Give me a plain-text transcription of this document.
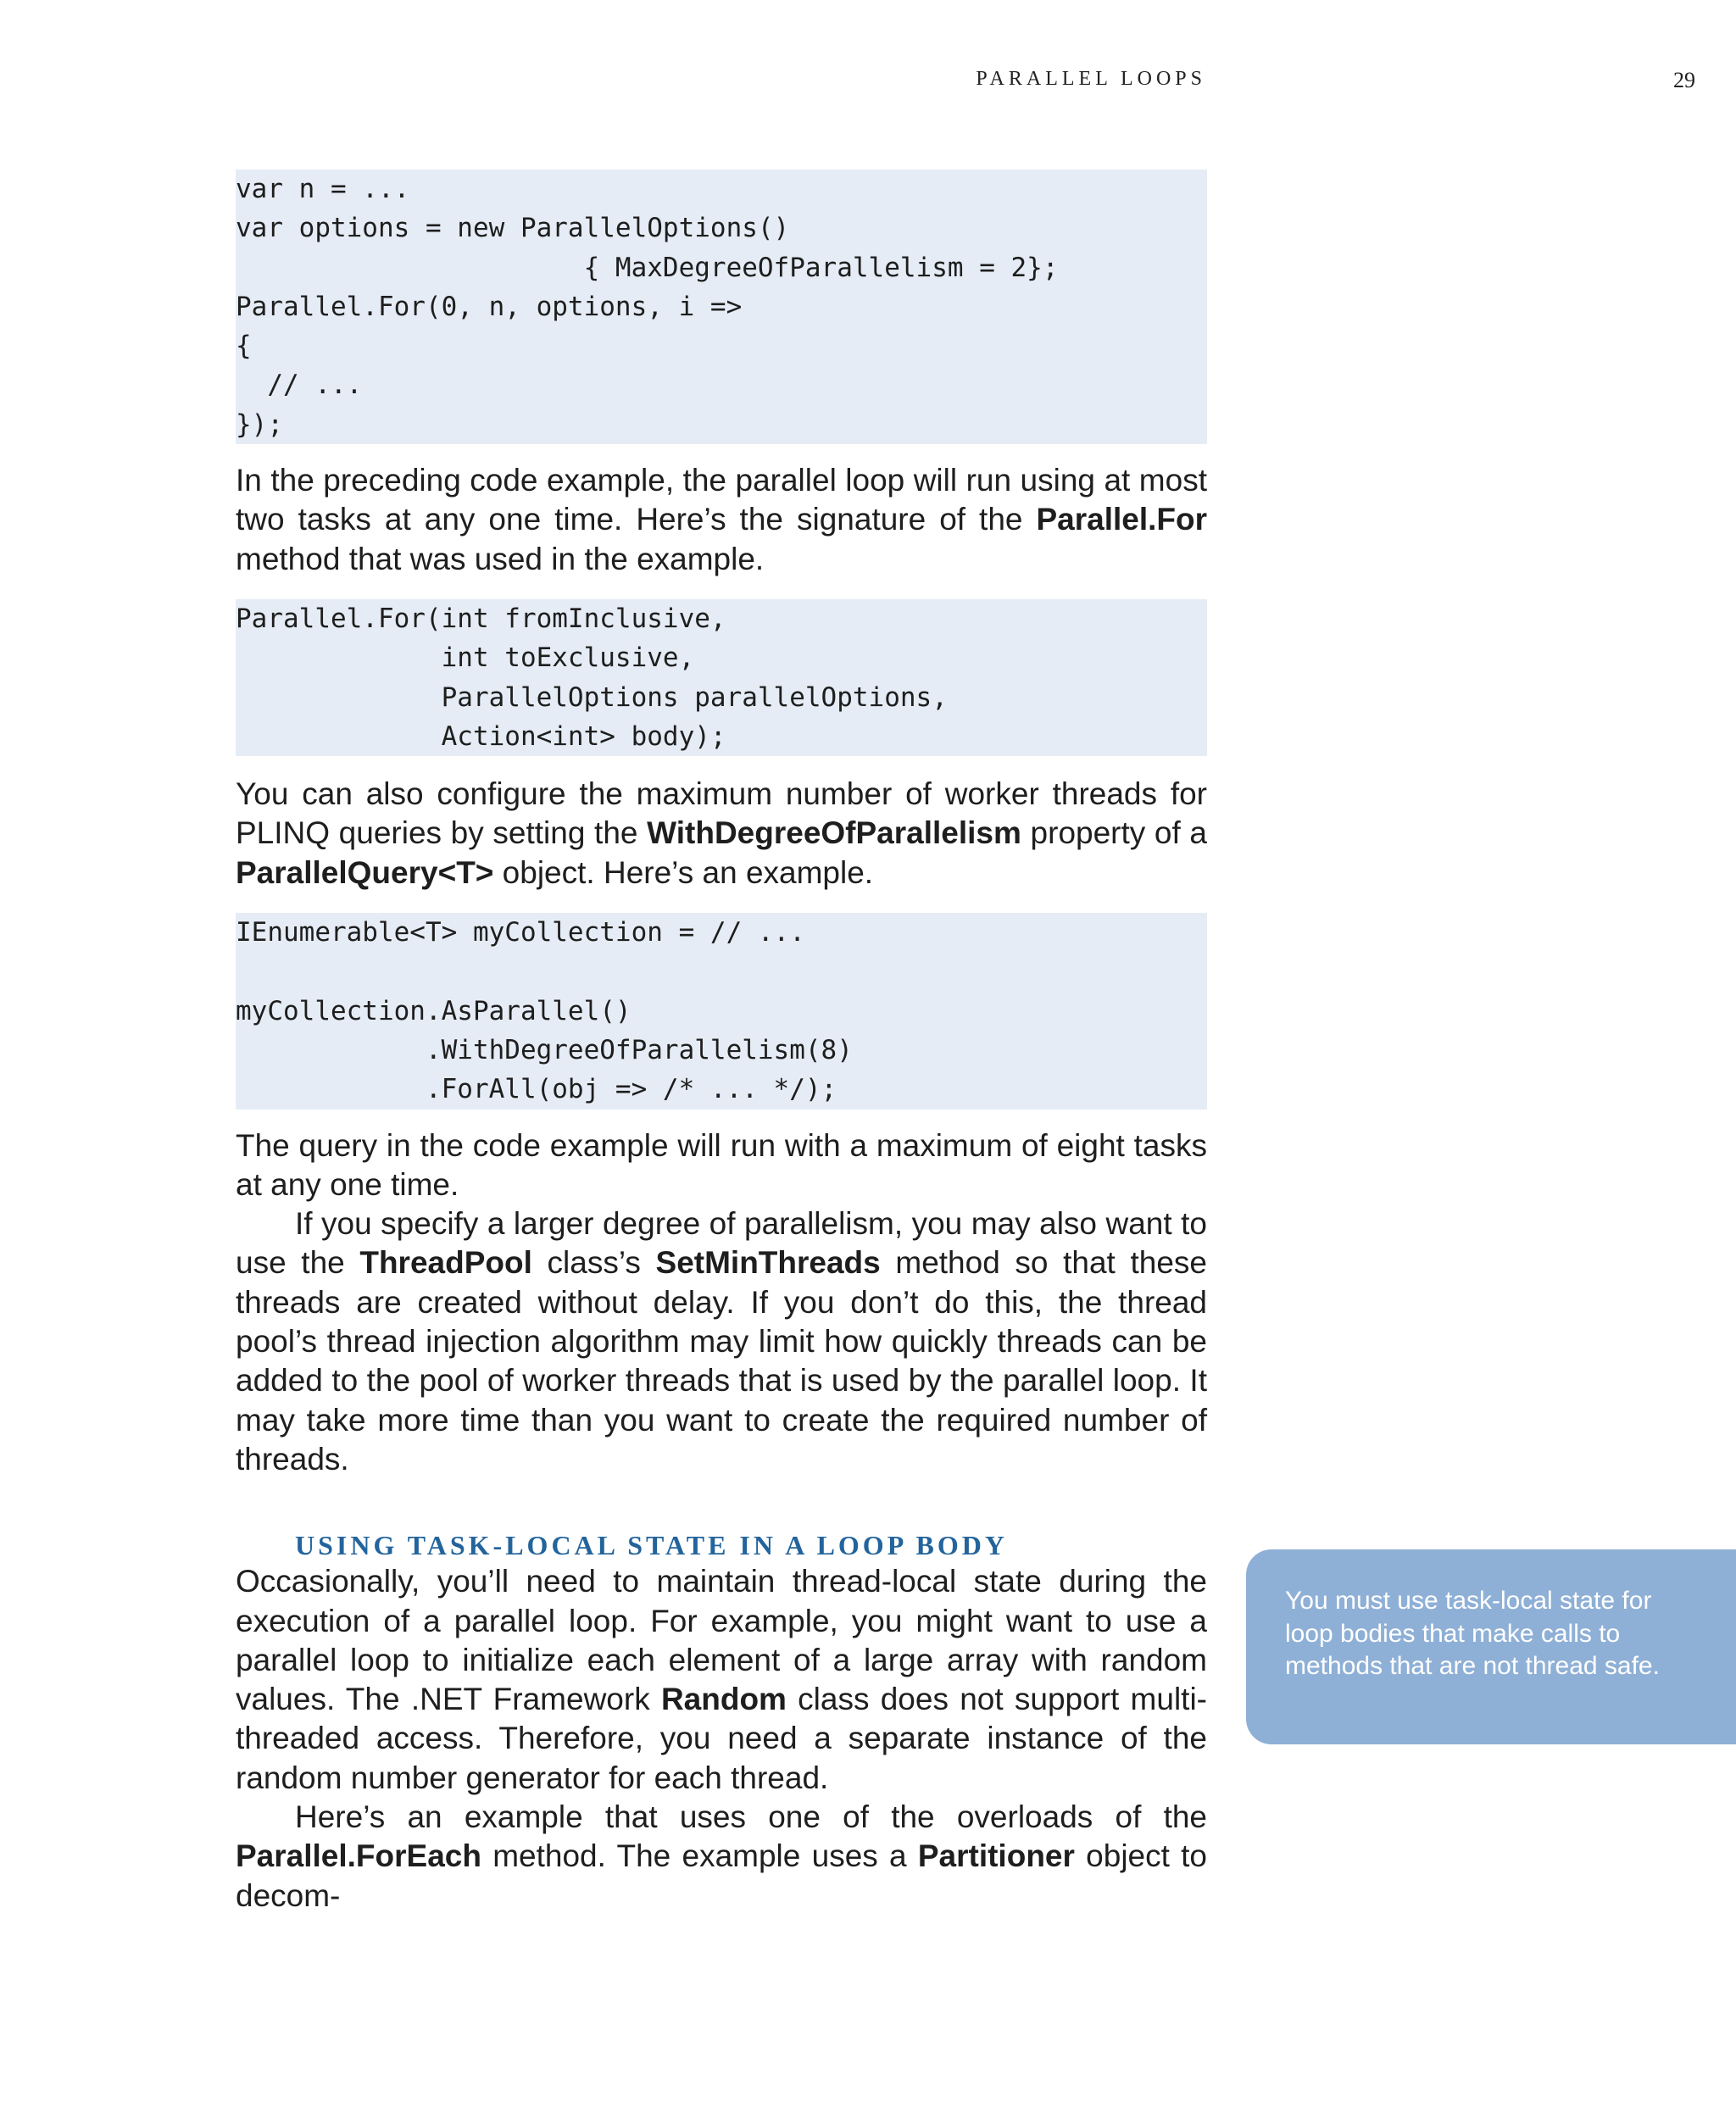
PARALLEL LOOPS	29
var n = ...
var options = new ParallelOptions()
{ MaxDegreeOfParallelism = 2};
Parallel.For(0, n, options, i =>
{
// ...
});

In the preceding code example, the parallel loop will run using at most two tasks at any one time. Here’s the signature of the Parallel.For method that was used in the example.

Parallel.For(int fromInclusive,
int toExclusive,
ParallelOptions parallelOptions,
Action<int> body);

You can also configure the maximum number of worker threads for PLINQ queries by setting the WithDegreeOfParallelism property of a ParallelQuery<T> object. Here’s an example.

IEnumerable<T> myCollection = // ...
myCollection.AsParallel()
.WithDegreeOfParallelism(8)
.ForAll(obj => /* ... */);

The query in the code example will run with a maximum of eight tasks at any one time.

If you specify a larger degree of parallelism, you may also want to use the ThreadPool class’s SetMinThreads method so that these threads are created without delay. If you don’t do this, the thread pool’s thread injection algorithm may limit how quickly threads can be added to the pool of worker threads that is used by the parallel loop. It may take more time than you want to create the required number of threads.

USING TASK-LOCAL STATE IN A LOOP BODY

Occasionally, you’ll need to maintain thread-local state during the execution of a parallel loop. For example, you might want to use a parallel loop to initialize each element of a large array with random values. The .NET Framework Random class does not support multi-threaded access. Therefore, you need a separate instance of the random number generator for each thread.

Here’s an example that uses one of the overloads of the Parallel.ForEach method. The example uses a Partitioner object to decom-

You must use task-local state for loop bodies that make calls to methods that are not thread safe.
